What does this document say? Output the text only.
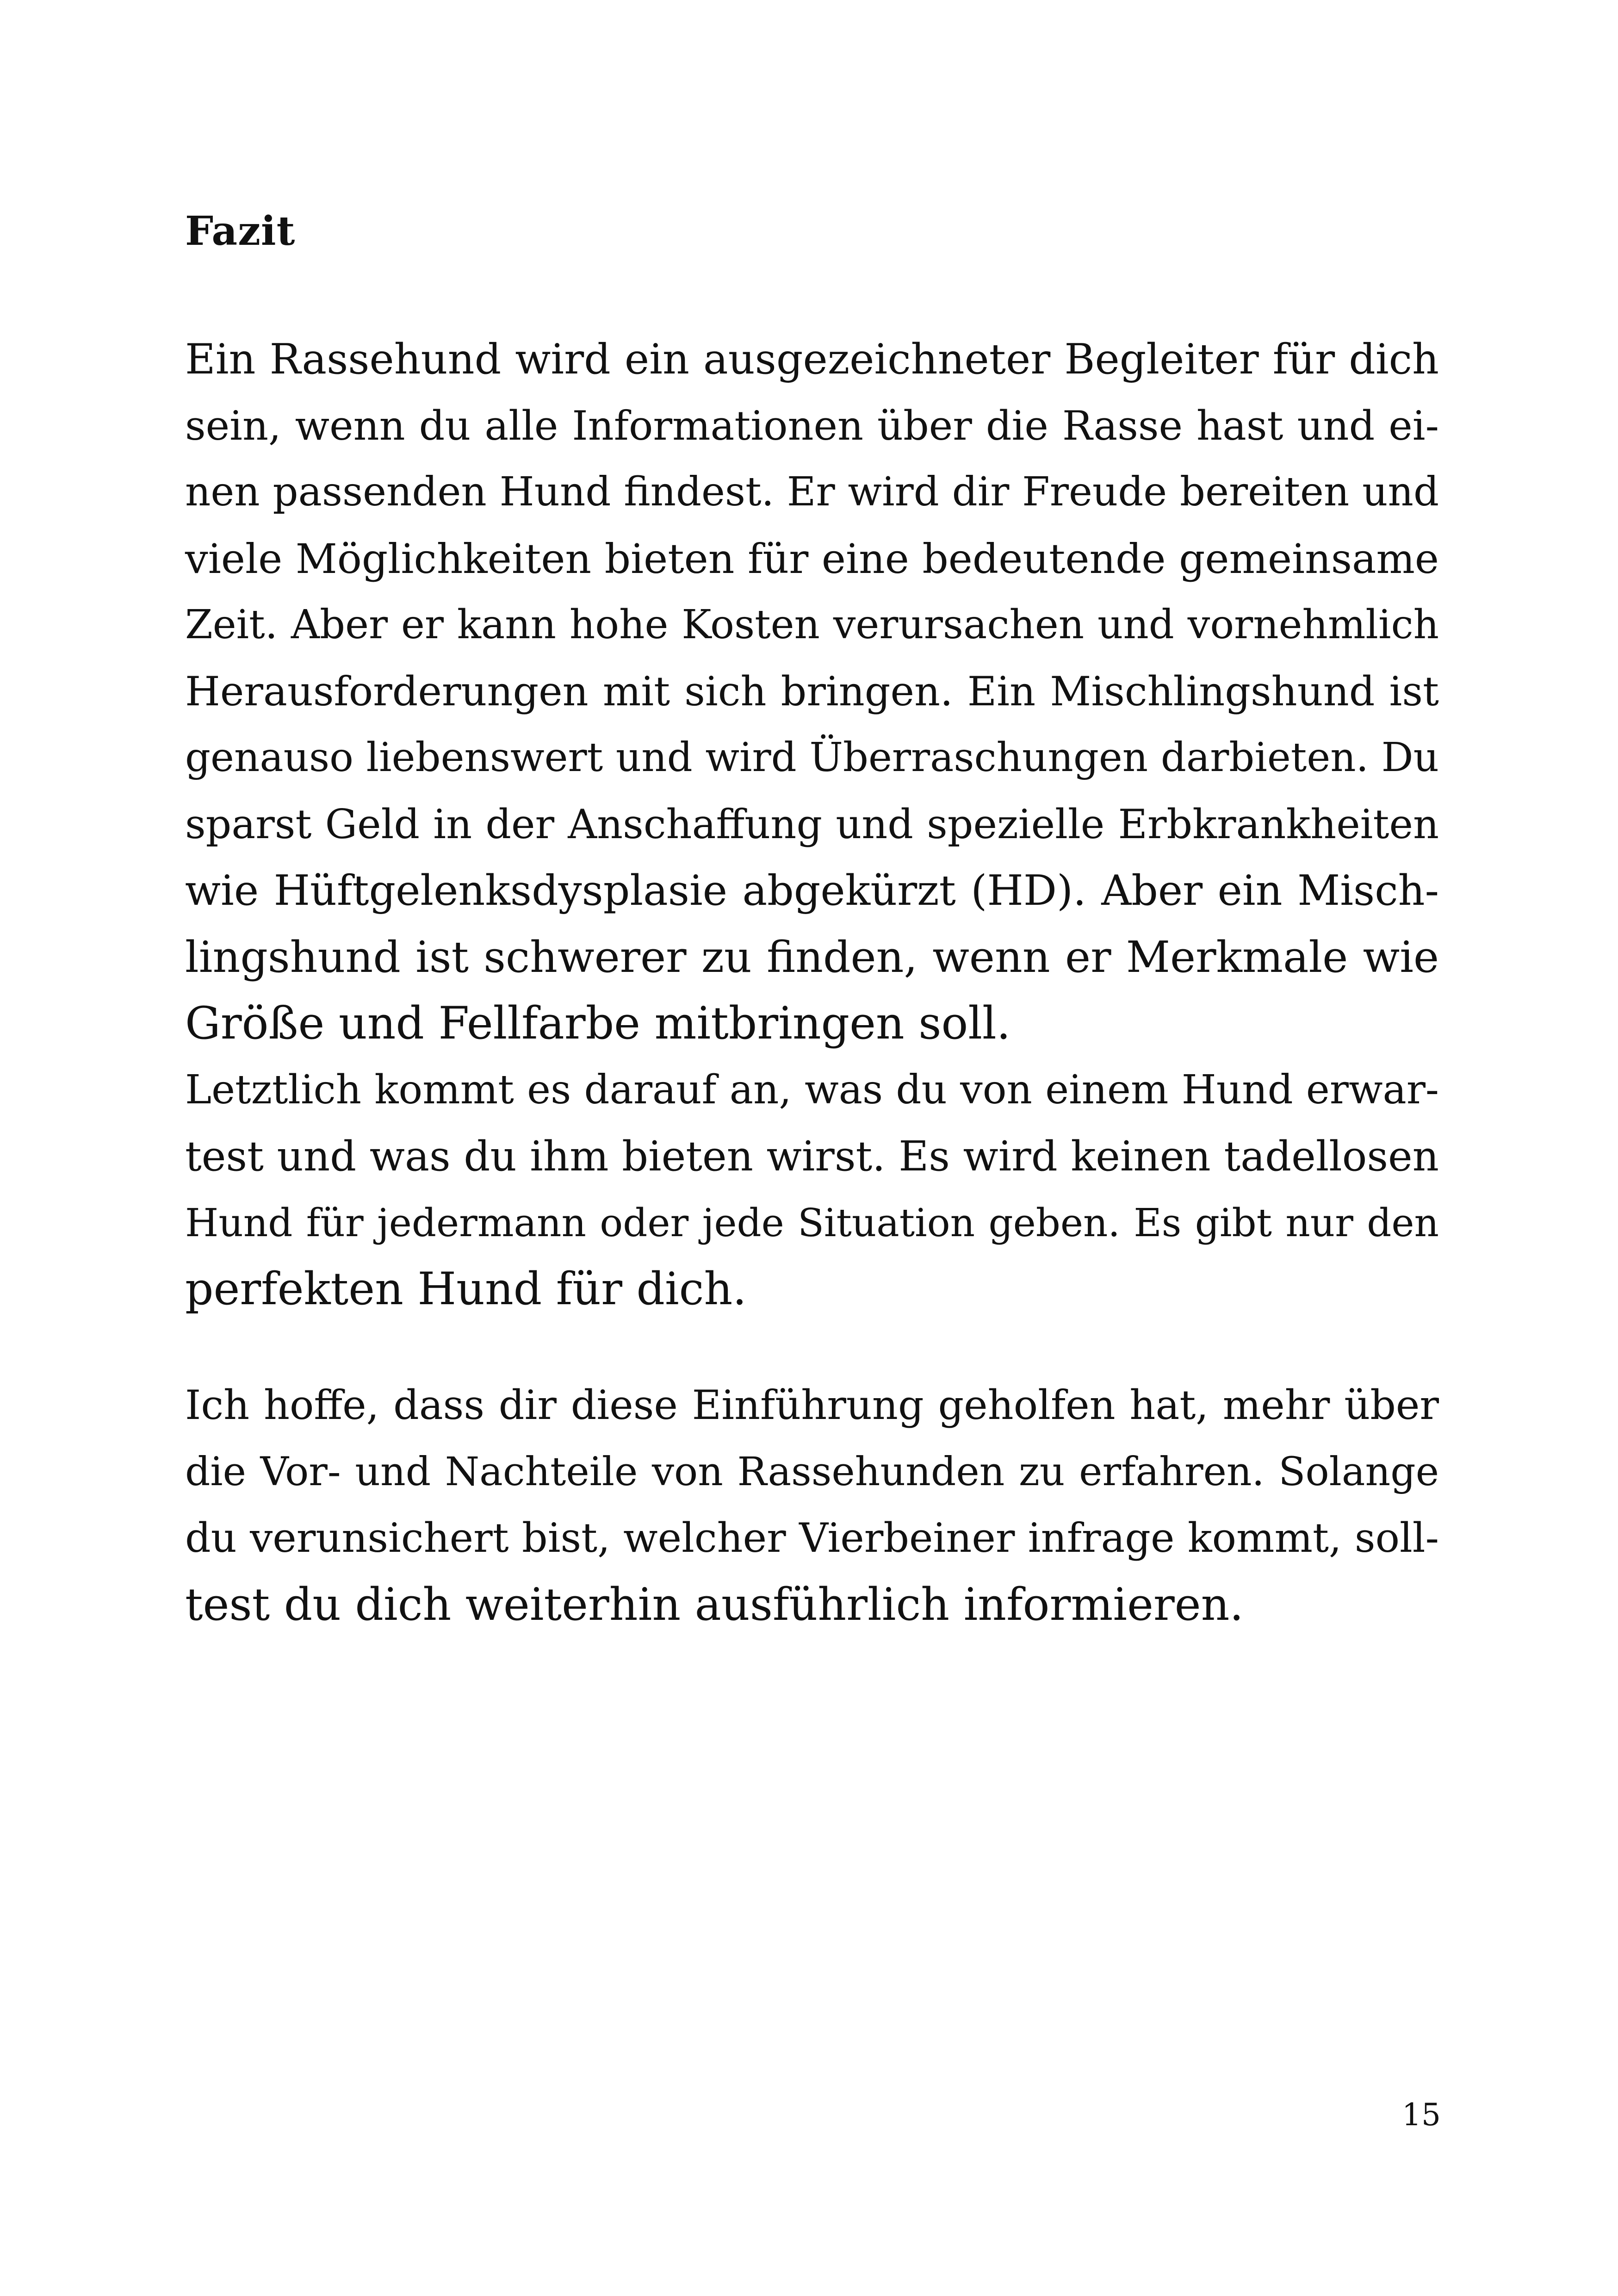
Fazit
Ein Rassehund wird ein ausgezeichneter Begleiter für dich
sein, wenn du alle Informationen über die Rasse hast und ei-
nen passenden Hund findest. Er wird dir Freude bereiten und
viele Möglichkeiten bieten für eine bedeutende gemeinsame
Zeit. Aber er kann hohe Kosten verursachen und vornehmlich
Herausforderungen mit sich bringen. Ein Mischlingshund ist
genauso liebenswert und wird Überraschungen darbieten. Du
sparst Geld in der Anschaffung und spezielle Erbkrankheiten
wie Hüftgelenksdysplasie abgekürzt (HD). Aber ein Misch-
lingshund ist schwerer zu finden, wenn er Merkmale wie
Größe und Fellfarbe mitbringen soll.
Letztlich kommt es darauf an, was du von einem Hund erwar-
test und was du ihm bieten wirst. Es wird keinen tadellosen
Hund für jedermann oder jede Situation geben. Es gibt nur den
perfekten Hund für dich.
Ich hoffe, dass dir diese Einführung geholfen hat, mehr über
die Vor- und Nachteile von Rassehunden zu erfahren. Solange
du verunsichert bist, welcher Vierbeiner infrage kommt, soll-
test du dich weiterhin ausführlich informieren.
15
